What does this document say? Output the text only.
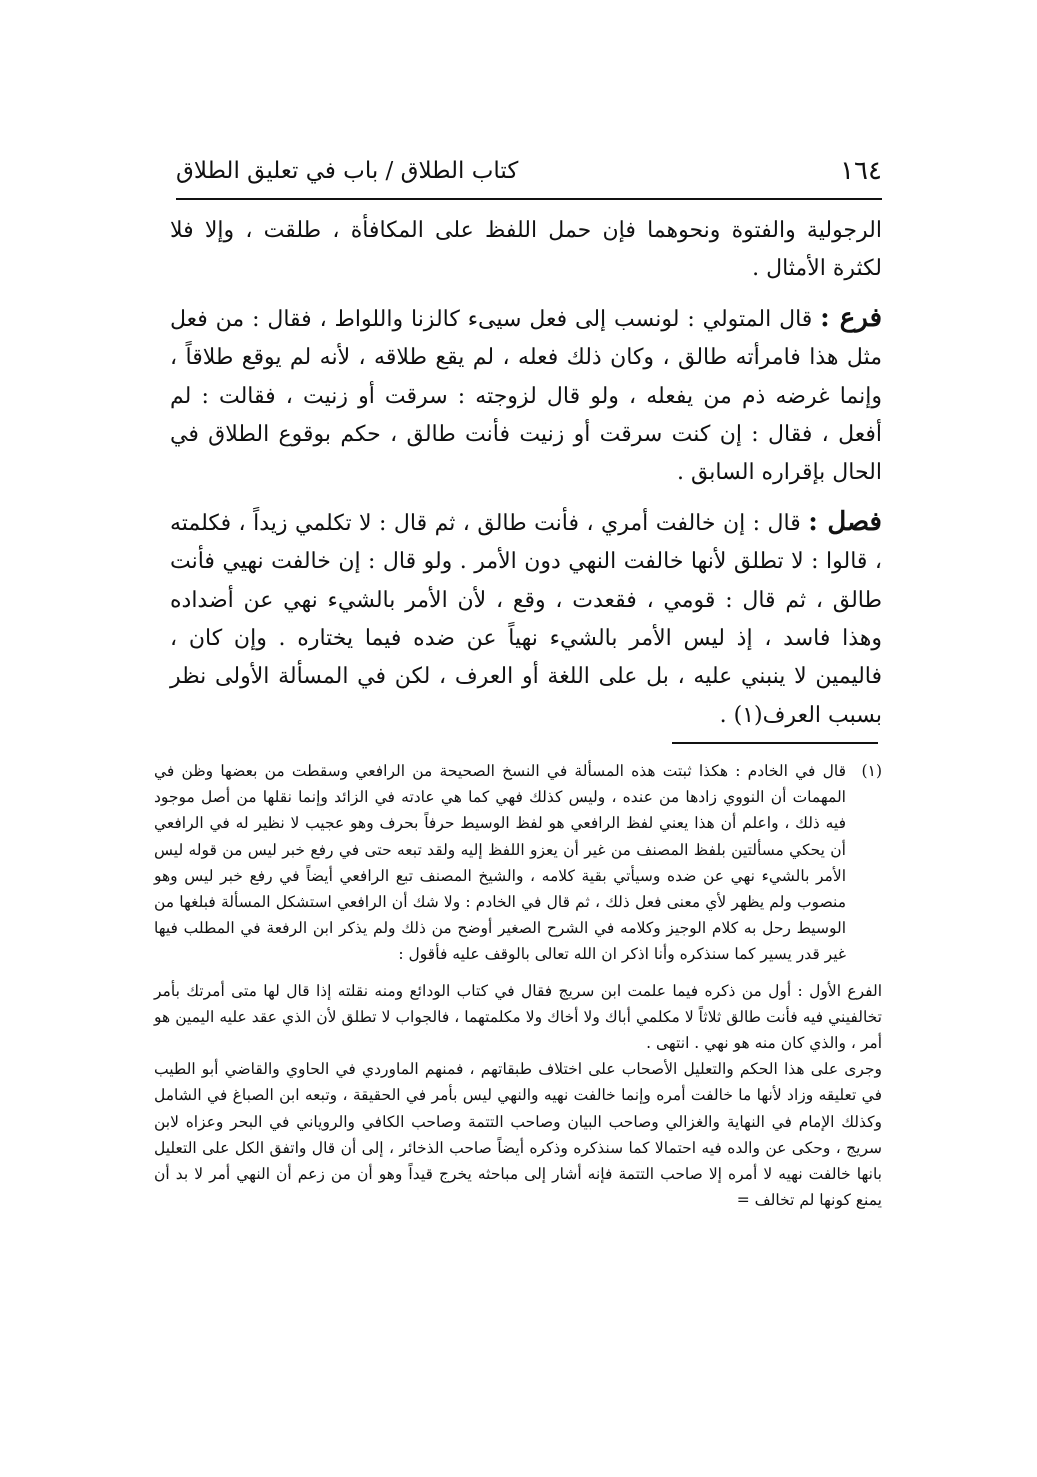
١٦٤
كتاب الطلاق / باب في تعليق الطلاق

الرجولية والفتوة ونحوهما فإن حمل اللفظ على المكافأة ، طلقت ، وإلا فلا لكثرة الأمثال .

فرع : قال المتولي : لونسب إلى فعل سيىء كالزنا واللواط ، فقال : من فعل مثل هذا فامرأته طالق ، وكان ذلك فعله ، لم يقع طلاقه ، لأنه لم يوقع طلاقاً ، وإنما غرضه ذم من يفعله ، ولو قال لزوجته : سرقت أو زنيت ، فقالت : لم أفعل ، فقال : إن كنت سرقت أو زنيت فأنت طالق ، حكم بوقوع الطلاق في الحال بإقراره السابق .

فصل : قال : إن خالفت أمري ، فأنت طالق ، ثم قال : لا تكلمي زيداً ، فكلمته ، قالوا : لا تطلق لأنها خالفت النهي دون الأمر . ولو قال : إن خالفت نهيي فأنت طالق ، ثم قال : قومي ، فقعدت ، وقع ، لأن الأمر بالشيء نهي عن أضداده وهذا فاسد ، إذ ليس الأمر بالشيء نهياً عن ضده فيما يختاره . وإن كان ، فاليمين لا ينبني عليه ، بل على اللغة أو العرف ، لكن في المسألة الأولى نظر بسبب العرف(١) .

(١)

قال في الخادم : هكذا ثبتت هذه المسألة في النسخ الصحيحة من الرافعي وسقطت من بعضها وظن في المهمات أن النووي زادها من عنده ، وليس كذلك فهي كما هي عادته في الزائد وإنما نقلها من أصل موجود فيه ذلك ، واعلم أن هذا يعني لفظ الرافعي هو لفظ الوسيط حرفاً بحرف وهو عجيب لا نظير له في الرافعي أن يحكي مسألتين بلفظ المصنف من غير أن يعزو اللفظ إليه ولقد تبعه حتى في رفع خبر ليس من قوله ليس الأمر بالشيء نهي عن ضده وسيأتي بقية كلامه ، والشيخ المصنف تبع الرافعي أيضاً في رفع خبر ليس وهو منصوب ولم يظهر لأي معنى فعل ذلك ، ثم قال في الخادم : ولا شك أن الرافعي استشكل المسألة فبلغها من الوسيط رحل به كلام الوجيز وكلامه في الشرح الصغير أوضح من ذلك ولم يذكر ابن الرفعة في المطلب فيها غير قدر يسير كما سنذكره وأنا اذكر ان الله تعالى بالوقف عليه فأقول :

الفرع الأول : أول من ذكره فيما علمت ابن سريج فقال في كتاب الودائع ومنه نقلته إذا قال لها متى أمرتك بأمر تخالفيني فيه فأنت طالق ثلاثاً لا مكلمي أباك ولا أخاك ولا مكلمتهما ، فالجواب لا تطلق لأن الذي عقد عليه اليمين هو أمر ، والذي كان منه هو نهي . انتهى .

وجرى على هذا الحكم والتعليل الأصحاب على اختلاف طبقاتهم ، فمنهم الماوردي في الحاوي والقاضي أبو الطيب في تعليقه وزاد لأنها ما خالفت أمره وإنما خالفت نهيه والنهي ليس بأمر في الحقيقة ، وتبعه ابن الصباغ في الشامل وكذلك الإمام في النهاية والغزالي وصاحب البيان وصاحب التتمة وصاحب الكافي والروياني في البحر وعزاه لابن سريج ، وحكى عن والده فيه احتمالا كما سنذكره وذكره أيضاً صاحب الذخائر ، إلى أن قال واتفق الكل على التعليل بانها خالفت نهيه لا أمره إلا صاحب التتمة فإنه أشار إلى مباحثه يخرج قيداً وهو أن من زعم أن النهي أمر لا بد أن يمنع كونها لم تخالف =
